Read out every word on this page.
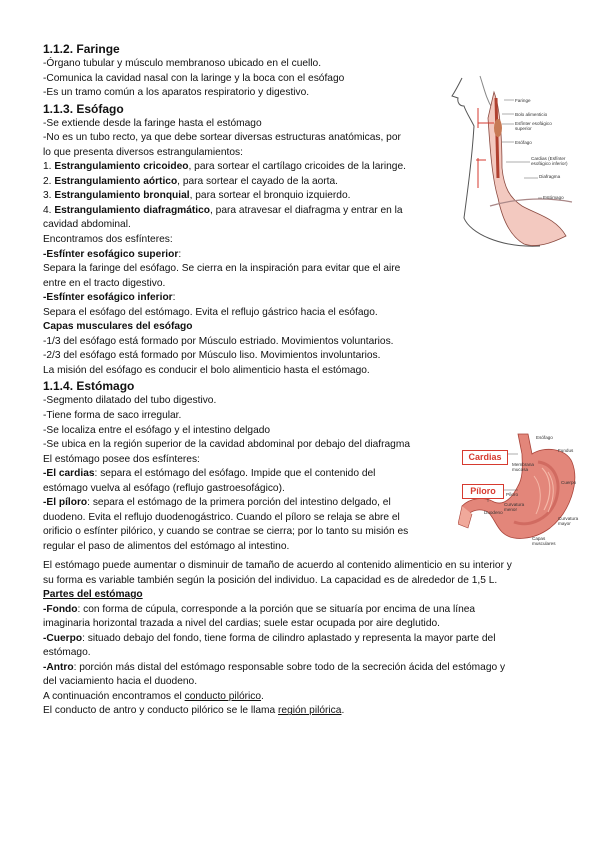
1.1.2. Faringe

-Órgano tubular y músculo membranoso ubicado en el cuello.

-Comunica la cavidad nasal con la laringe y la boca con el esófago

-Es un tramo común a los aparatos respiratorio y digestivo.

1.1.3. Esófago

-Se extiende desde la faringe hasta el estómago

-No es un tubo recto, ya que debe sortear diversas estructuras anatómicas, por

lo que presenta diversos estrangulamientos:

1. Estrangulamiento cricoideo, para sortear el cartílago cricoides de la laringe.

2. Estrangulamiento aórtico, para sortear el cayado de la aorta.

3. Estrangulamiento bronquial, para sortear el bronquio izquierdo.

4. Estrangulamiento diafragmático, para atravesar el diafragma y entrar en la

cavidad abdominal.

Encontramos dos esfínteres:

-Esfínter esofágico superior:

Separa la faringe del esófago. Se cierra en la inspiración para evitar que el aire

entre en el tracto digestivo.

-Esfínter esofágico inferior:

Separa el esófago del estómago. Evita el reflujo gástrico hacia el esófago.

Capas musculares del esófago

-1/3 del esófago está formado por Músculo estriado. Movimientos voluntarios.

-2/3 del esófago está formado por Músculo liso. Movimientos involuntarios.

La misión del esófago es conducir el bolo alimenticio hasta el estómago.

1.1.4. Estómago

-Segmento dilatado del tubo digestivo.

-Tiene forma de saco irregular.

-Se localiza entre el esófago y el intestino delgado

-Se ubica en la región superior de la cavidad abdominal por debajo del diafragma

El estómago posee dos esfínteres:

-El cardias: separa el estómago del esófago. Impide que el contenido del

estómago vuelva al esófago (reflujo gastroesofágico).

-El píloro: separa el estómago de la primera porción del intestino delgado, el

duodeno. Evita el reflujo duodenogástrico. Cuando el píloro se relaja se abre el

orificio o esfínter pilórico, y cuando se contrae se cierra; por lo tanto su misión es

regular el paso de alimentos del estómago al intestino.

El estómago puede aumentar o disminuir de tamaño de acuerdo al contenido alimenticio en su interior y

su forma es variable también según la posición del individuo. La capacidad es de alrededor de 1,5 L.

Partes del estómago

-Fondo: con forma de cúpula, corresponde a la porción que se situaría por encima de una línea

imaginaria horizontal trazada a nivel del cardias; suele estar ocupada por aire deglutido.

-Cuerpo: situado debajo del fondo, tiene forma de cilindro aplastado y representa la mayor parte del

estómago.

-Antro: porción más distal del estómago responsable sobre todo de la secreción ácida del estómago y

del vaciamiento hacia el duodeno.

A continuación encontramos el conducto pilórico.

El conducto de antro y conducto pilórico se le llama región pilórica.

Faringe
Bolo alimenticio
Esfínter esofágico superior
Esófago
Cardias (Esfínter esofágico inferior)
Diafragma
Estómago
Cardias
Píloro
Esófago
Fundus
Membrana mucosa
Cuerpo
Píloro
Duodeno
Curvatura menor
Curvatura mayor
Capas musculares
